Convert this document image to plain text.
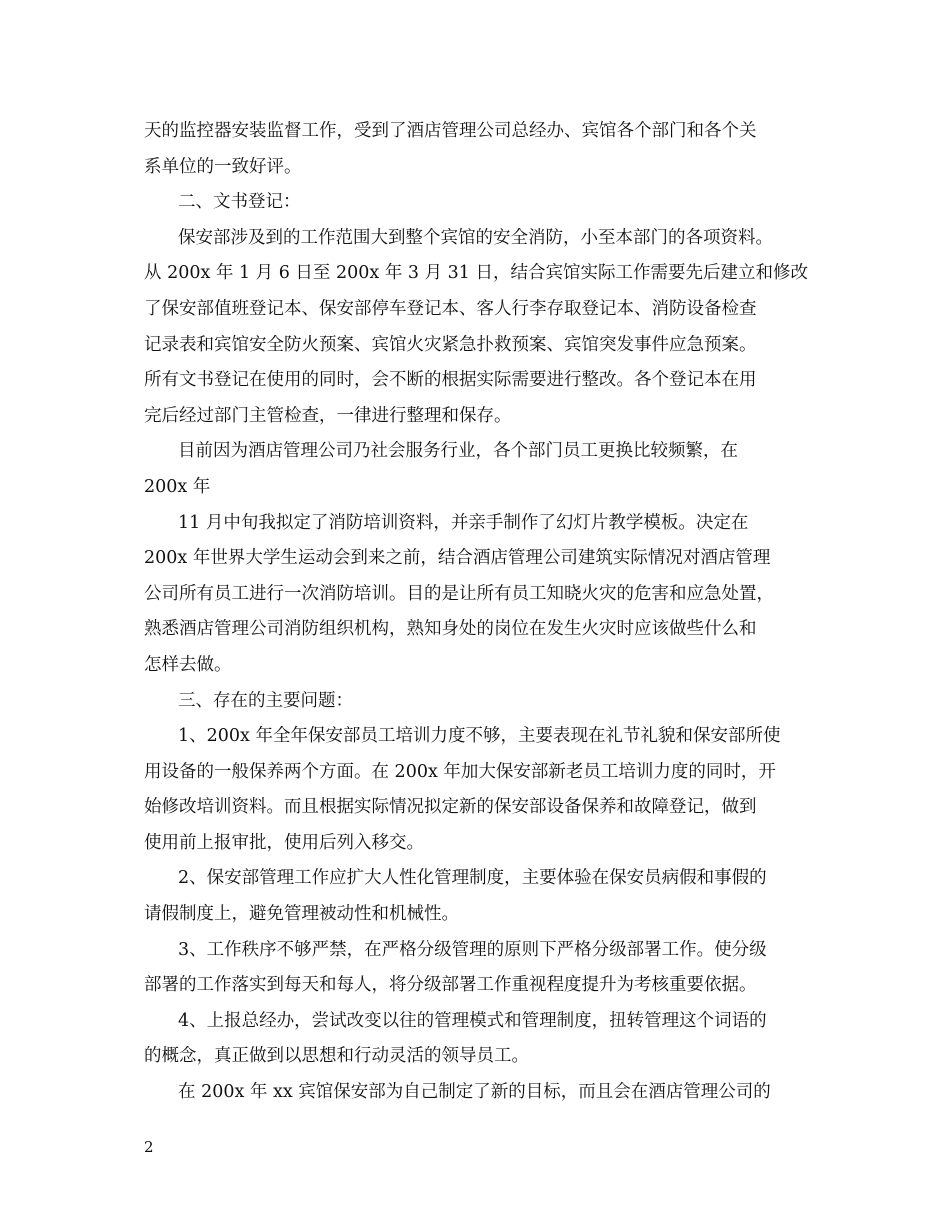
天的监控器安装监督工作，受到了酒店管理公司总经办、宾馆各个部门和各个关
系单位的一致好评。
二、文书登记：
保安部涉及到的工作范围大到整个宾馆的安全消防，小至本部门的各项资料。
从 200x 年 1 月 6 日至 200x 年 3 月 31 日，结合宾馆实际工作需要先后建立和修改
了保安部值班登记本、保安部停车登记本、客人行李存取登记本、消防设备检查
记录表和宾馆安全防火预案、宾馆火灾紧急扑救预案、宾馆突发事件应急预案。
所有文书登记在使用的同时，会不断的根据实际需要进行整改。各个登记本在用
完后经过部门主管检查，一律进行整理和保存。
目前因为酒店管理公司乃社会服务行业，各个部门员工更换比较频繁，在
200x 年
11 月中旬我拟定了消防培训资料，并亲手制作了幻灯片教学模板。决定在
200x 年世界大学生运动会到来之前，结合酒店管理公司建筑实际情况对酒店管理
公司所有员工进行一次消防培训。目的是让所有员工知晓火灾的危害和应急处置，
熟悉酒店管理公司消防组织机构，熟知身处的岗位在发生火灾时应该做些什么和
怎样去做。
三、存在的主要问题：
1、200x 年全年保安部员工培训力度不够，主要表现在礼节礼貌和保安部所使
用设备的一般保养两个方面。在 200x 年加大保安部新老员工培训力度的同时，开
始修改培训资料。而且根据实际情况拟定新的保安部设备保养和故障登记，做到
使用前上报审批，使用后列入移交。
2、保安部管理工作应扩大人性化管理制度，主要体验在保安员病假和事假的
请假制度上，避免管理被动性和机械性。
3、工作秩序不够严禁，在严格分级管理的原则下严格分级部署工作。使分级
部署的工作落实到每天和每人，将分级部署工作重视程度提升为考核重要依据。
4、上报总经办，尝试改变以往的管理模式和管理制度，扭转管理这个词语的
的概念，真正做到以思想和行动灵活的领导员工。
在 200x 年 xx 宾馆保安部为自己制定了新的目标，而且会在酒店管理公司的
2
